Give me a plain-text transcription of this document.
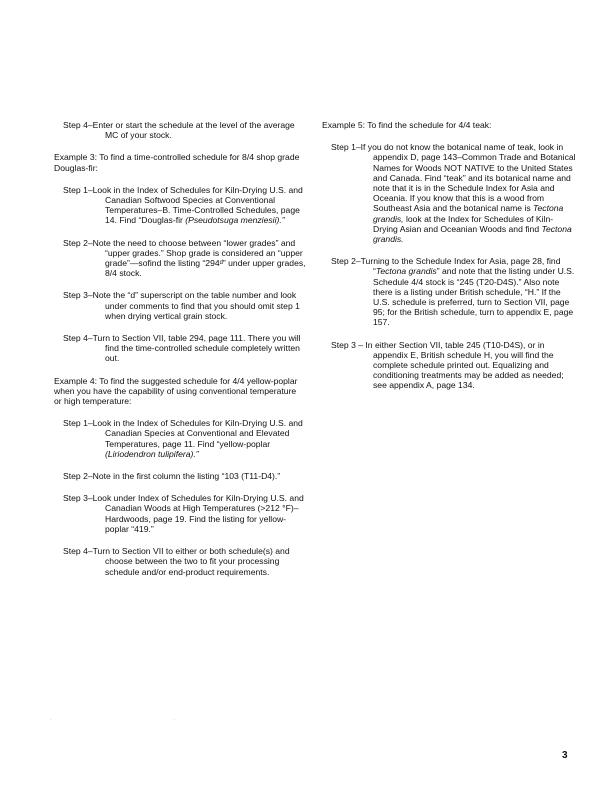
Step 4–Enter or start the schedule at the level of the average MC of your stock.

Example 3: To find a time-controlled schedule for 8/4 shop grade Douglas-fir:

Step 1–Look in the Index of Schedules for Kiln-Drying U.S. and Canadian Softwood Species at Conventional Temperatures–B. Time-Controlled Schedules, page 14. Find “Douglas-fir (Pseudotsuga menziesii).”

Step 2–Note the need to choose between “lower grades” and “upper grades.” Shop grade is considered an “upper grade”—sofind the listing “294ᵈ” under upper grades, 8/4 stock.

Step 3–Note the “d” superscript on the table number and look under comments to find that you should omit step 1 when drying vertical grain stock.

Step 4–Turn to Section VII, table 294, page 111. There you will find the time-controlled schedule completely written out.

Example 4: To find the suggested schedule for 4/4 yellow-poplar when you have the capability of using conventional temperature or high temperature:

Step 1–Look in the Index of Schedules for Kiln-Drying U.S. and Canadian Species at Conventional and Elevated Temperatures, page 11. Find “yellow-poplar (Liriodendron tulipifera).”

Step 2–Note in the first column the listing “103 (T11-D4).”

Step 3–Look under Index of Schedules for Kiln-Drying U.S. and Canadian Woods at High Temperatures (>212 °F)–Hardwoods, page 19. Find the listing for yellow-poplar “419.”

Step 4–Turn to Section VII to either or both schedule(s) and choose between the two to fit your processing schedule and/or end-product requirements.

Example 5: To find the schedule for 4/4 teak:

Step 1–If you do not know the botanical name of teak, look in appendix D, page 143–Common Trade and Botanical Names for Woods NOT NATIVE to the United States and Canada. Find “teak” and its botanical name and note that it is in the Schedule Index for Asia and Oceania. If you know that this is a wood from Southeast Asia and the botanical name is Tectona grandis, look at the Index for Schedules of Kiln-Drying Asian and Oceanian Woods and find Tectona grandis.

Step 2–Turning to the Schedule Index for Asia, page 28, find “Tectona grandis” and note that the listing under U.S. Schedule 4/4 stock is “245 (T20-D4S).” Also note there is a listing under British schedule, “H.” If the U.S. schedule is preferred, turn to Section VII, page 95; for the British schedule, turn to appendix E, page 157.

Step 3 – In either Section VII, table 245 (T10-D4S), or in appendix E, British schedule H, you will find the complete schedule printed out. Equalizing and conditioning treatments may be added as needed; see appendix A, page 134.

.                                                                         .
3
